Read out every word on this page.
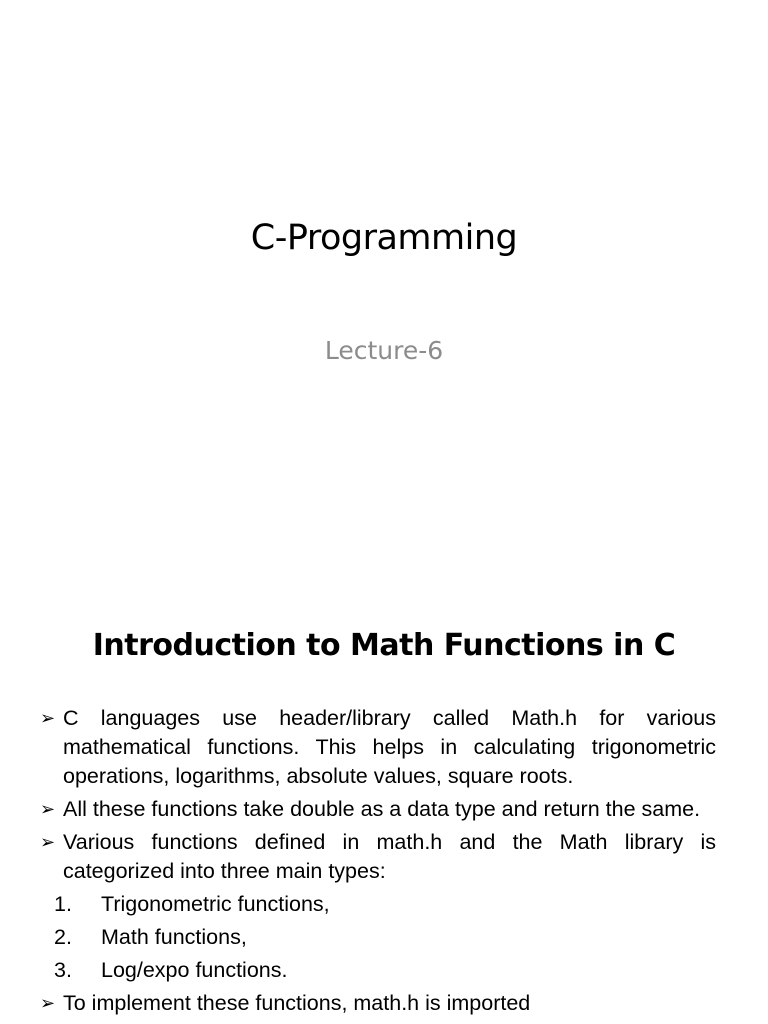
C-Programming
Lecture-6
Introduction to Math Functions in C
➢ C languages use header/library called Math.h for various mathematical functions. This helps in calculating trigonometric operations, logarithms, absolute values, square roots.
➢ All these functions take double as a data type and return the same.
➢ Various functions defined in math.h and the Math library is categorized into three main types:
1. Trigonometric functions,
2. Math functions,
3. Log/expo functions.
➢ To implement these functions, math.h is imported
